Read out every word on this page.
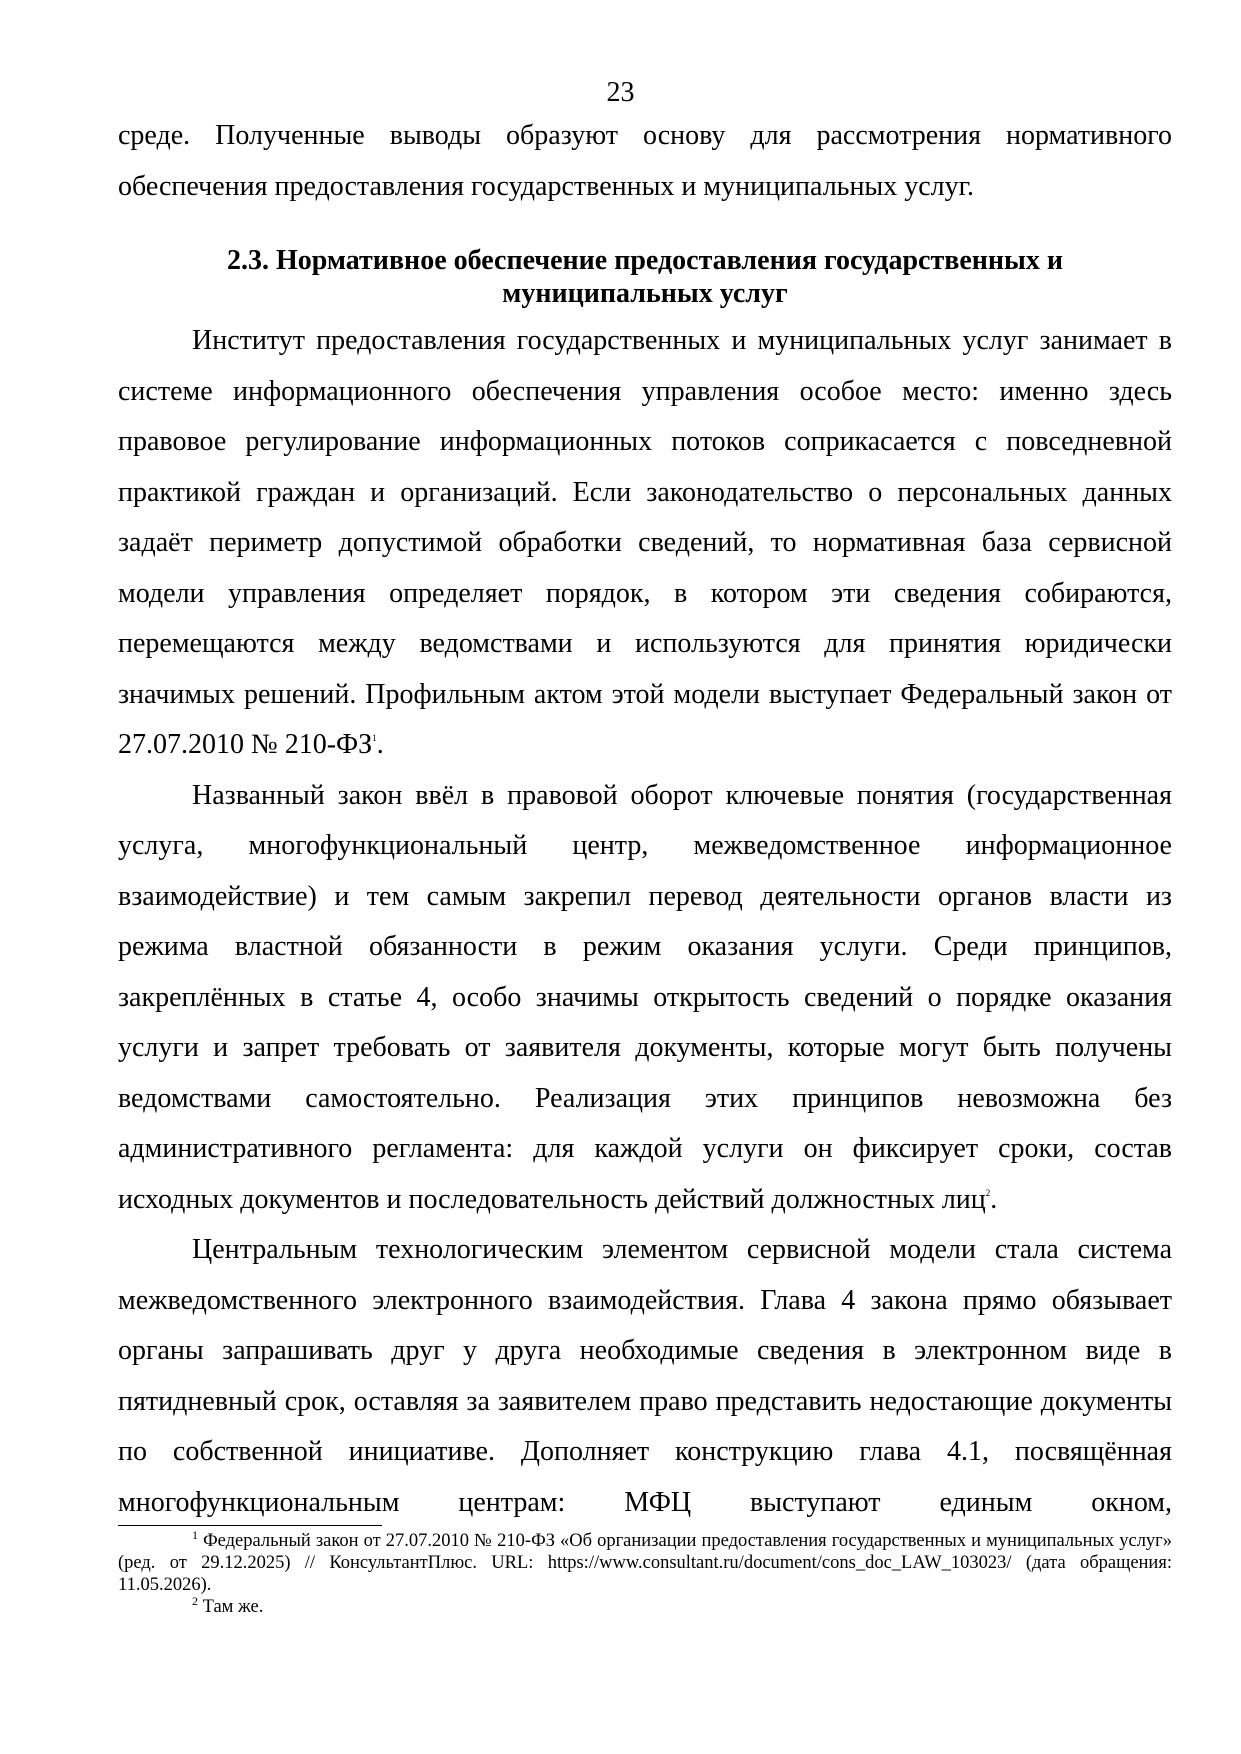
23

среде. Полученные выводы образуют основу для рассмотрения нормативного обеспечения предоставления государственных и муниципальных услуг.

2.3. Нормативное обеспечение предоставления государственных и
муниципальных услуг

Институт предоставления государственных и муниципальных услуг занимает в системе информационного обеспечения управления особое место: именно здесь правовое регулирование информационных потоков соприкасается с повседневной практикой граждан и организаций. Если законодательство о персональных данных задаёт периметр допустимой обработки сведений, то нормативная база сервисной модели управления определяет порядок, в котором эти сведения собираются, перемещаются между ведомствами и используются для принятия юридически значимых решений. Профильным актом этой модели выступает Федеральный закон от 27.07.2010 № 210-ФЗ$^1$.

Названный закон ввёл в правовой оборот ключевые понятия (государственная услуга, многофункциональный центр, межведомственное информационное взаимодействие) и тем самым закрепил перевод деятельности органов власти из режима властной обязанности в режим оказания услуги. Среди принципов, закреплённых в статье 4, особо значимы открытость сведений о порядке оказания услуги и запрет требовать от заявителя документы, которые могут быть получены ведомствами самостоятельно. Реализация этих принципов невозможна без административного регламента: для каждой услуги он фиксирует сроки, состав исходных документов и последовательность действий должностных лиц$^2$.

Центральным технологическим элементом сервисной модели стала система межведомственного электронного взаимодействия. Глава 4 закона прямо обязывает органы запрашивать друг у друга необходимые сведения в электронном виде в пятидневный срок, оставляя за заявителем право представить недостающие документы по собственной инициативе. Дополняет конструкцию глава 4.1, посвящённая многофункциональным центрам: МФЦ выступают единым окном,

$^1$ Федеральный закон от 27.07.2010 № 210-ФЗ «Об организации предоставления государственных и муниципальных услуг» (ред. от 29.12.2025) // КонсультантПлюс. URL: https://www.consultant.ru/document/cons_doc_LAW_103023/ (дата обращения: 11.05.2026).

$^2$ Там же.
